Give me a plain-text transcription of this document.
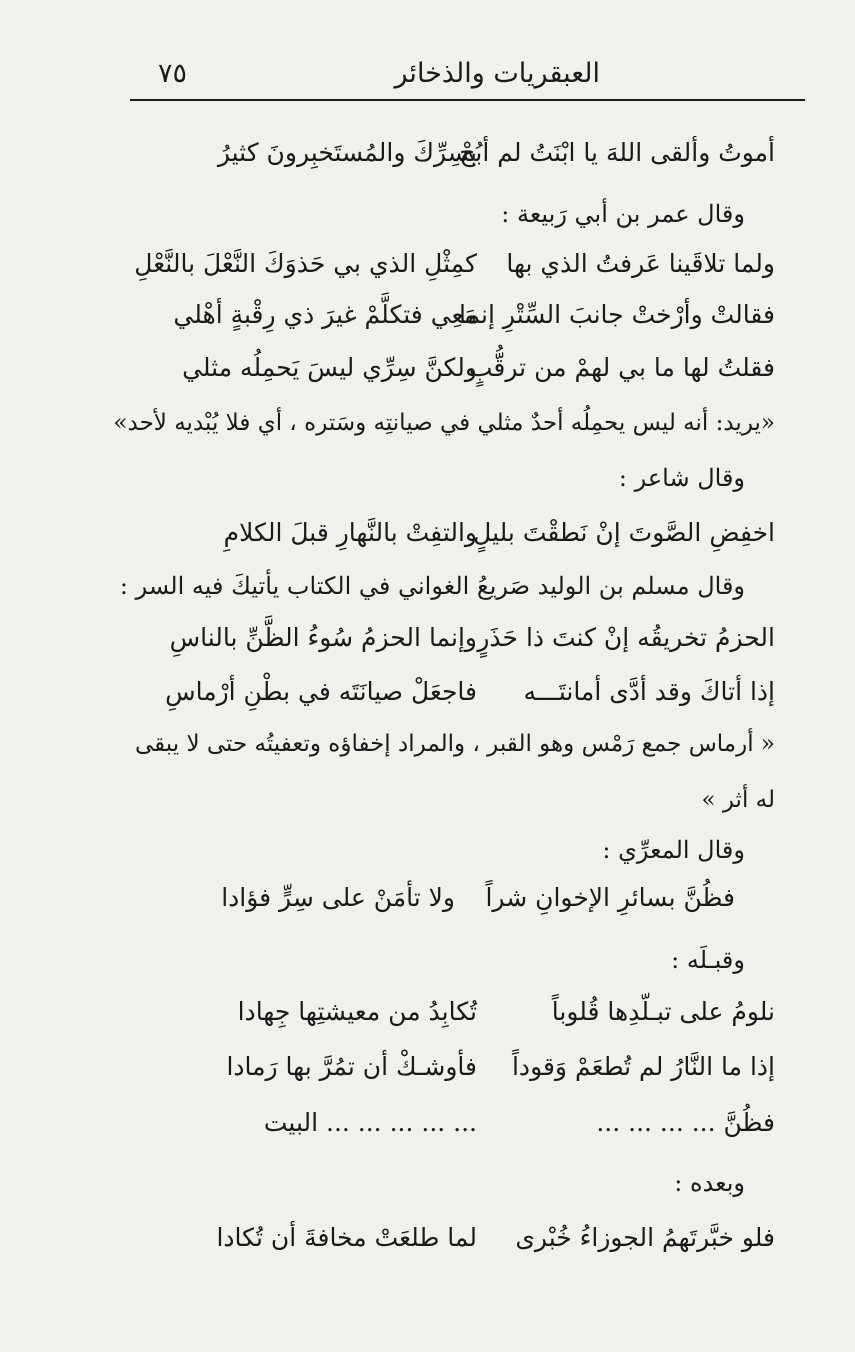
العبقريات والذخائر
٧٥
أموتُ وألقى اللهَ يا ابْنَتُ لم أبُحْ
بسِرِّكَ والمُستَخبِرونَ كثيرُ
وقال عمر بن أبي رَبيعة :
ولما تلاقَينا عَرفتُ الذي بها
كمِثْلِ الذي بي حَذوَكَ النَّعْلَ بالنَّعْلِ
فقالتْ وأرْختْ جانبَ السِّتْرِ إنما
مَعِي فتكلَّمْ غيرَ ذي رِقْبةٍ أهْلي
فقلتُ لها ما بي لهمْ من ترقُّبٍ
ولكنَّ سِرِّي ليسَ يَحمِلُه مثلي
«يريد: أنه ليس يحمِلُه أحدٌ مثلي في صيانتِه وسَتره ، أي فلا يُبْديه لأحد»
وقال شاعر :
اخفِضِ الصَّوتَ إنْ نَطقْتَ بليلٍ
والتفِتْ بالنَّهارِ قبلَ الكلامِ
وقال مسلم بن الوليد صَريعُ الغواني في الكتاب يأتيكَ فيه السر :
الحزمُ تخريقُه إنْ كنتَ ذا حَذَرٍ
وإنما الحزمُ سُوءُ الظَّنِّ بالناسِ
إذا أتاكَ وقد أدَّى أمانتَـــه
فاجعَلْ صيانَتَه في بطْنِ أرْماسِ
« أرماس جمع رَمْس وهو القبر ، والمراد إخفاؤه وتعفيتُه حتى لا يبقى
له أثر »
وقال المعرِّي :
فظُنَّ بسائرِ الإخوانِ شراً
ولا تأمَنْ على سِرٍّ فؤادا
وقبـلَه :
نلومُ على تبـلّدِها قُلوباً
تُكابِدُ من معيشتِها جِهادا
إذا ما النَّارُ لم تُطعَمْ وَقوداً
فأوشـكْ أن تمُرَّ بها رَمادا
فظُنَّ ... ... ... ...
... ... ... ... ... البيت
وبعده :
فلو خبَّرتَهمُ الجوزاءُ خُبْرى
لما طلعَتْ مخافةَ أن تُكادا
